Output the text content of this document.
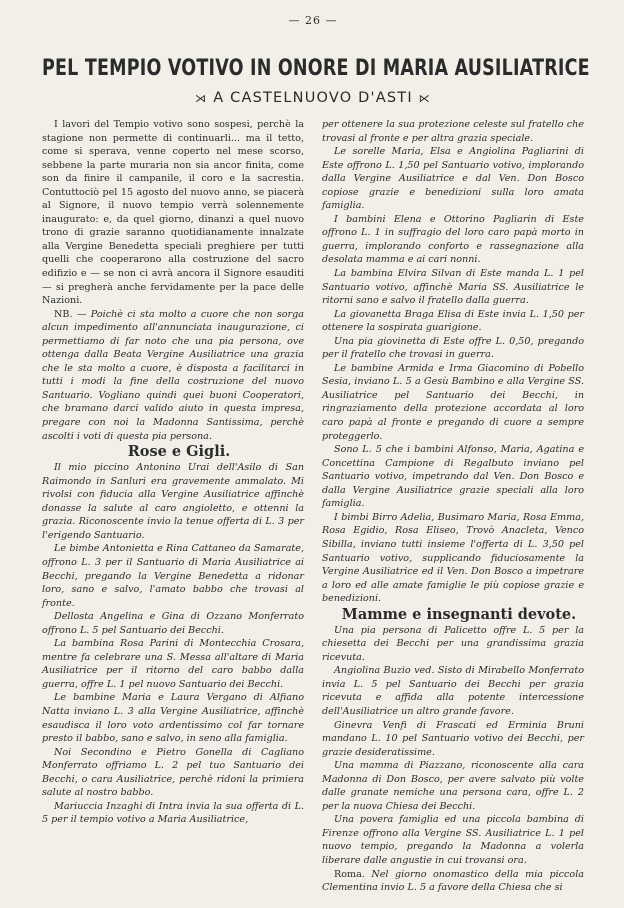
— 26 —
PEL TEMPIO VOTIVO IN ONORE DI MARIA AUSILIATRICE
⋊ A CASTELNUOVO D'ASTI ⋉

I lavori del Tempio votivo sono sospesi, perchè la stagione non permette di continuarli... ma il tetto, come si sperava, venne coperto nel mese scorso, sebbene la parte muraria non sia ancor finita, come son da finire il campanile, il coro e la sacrestia. Contuttociò pel 15 agosto del nuovo anno, se piacerà al Signore, il nuovo tempio verrà solennemente inaugurato: e, da quel giorno, dinanzi a quel nuovo trono di grazie saranno quotidianamente innalzate alla Vergine Benedetta speciali preghiere per tutti quelli che cooperarono alla costruzione del sacro edifizio e — se non ci avrà ancora il Signore esauditi — si pregherà anche fervidamente per la pace delle Nazioni.

NB. — Poichè ci sta molto a cuore che non sorga alcun impedimento all'annunciata inaugurazione, ci permettiamo di far noto che una pia persona, ove ottenga dalla Beata Vergine Ausiliatrice una grazia che le sta molto a cuore, è disposta a facilitarci in tutti i modi la fine della costruzione del nuovo Santuario. Vogliano quindi quei buoni Cooperatori, che bramano darci valido aiuto in questa impresa, pregare con noi la Madonna Santissima, perchè ascolti i voti di questa pia persona.

Rose e Gigli.

Il mio piccino Antonino Urai dell'Asilo di San Raimondo in Sanluri era gravemente ammalato. Mi rivolsi con fiducia alla Vergine Ausiliatrice affinchè donasse la salute al caro angioletto, e ottenni la grazia. Riconoscente invio la tenue offerta di L. 3 per l'erigendo Santuario.

Le bimbe Antonietta e Rina Cattaneo da Samarate, offrono L. 3 per il Santuario di Maria Ausiliatrice ai Becchi, pregando la Vergine Benedetta a ridonar loro, sano e salvo, l'amato babbo che trovasi al fronte.

Dellosta Angelina e Gina di Ozzano Monferrato offrono L. 5 pel Santuario dei Becchi.

La bambina Rosa Parini di Montecchia Crosara, mentre fa celebrare una S. Messa all'altare di Maria Ausiliatrice per il ritorno del caro babbo dalla guerra, offre L. 1 pel nuovo Santuario dei Becchi.

Le bambine Maria e Laura Vergano di Alfiano Natta inviano L. 3 alla Vergine Ausiliatrice, affinchè esaudisca il loro voto ardentissimo col far tornare presto il babbo, sano e salvo, in seno alla famiglia.

Noi Secondino e Pietro Gonella di Cagliano Monferrato offriamo L. 2 pel tuo Santuario dei Becchi, o cara Ausiliatrice, perchè ridoni la primiera salute al nostro babbo.

Mariuccia Inzaghi di Intra invia la sua offerta di L. 5 per il tempio votivo a Maria Ausiliatrice,

per ottenere la sua protezione celeste sul fratello che trovasi al fronte e per altra grazia speciale.

Le sorelle Maria, Elsa e Angiolina Pagliarini di Este offrono L. 1,50 pel Santuario votivo, implorando dalla Vergine Ausiliatrice e dal Ven. Don Bosco copiose grazie e benedizioni sulla loro amata famiglia.

I bambini Elena e Ottorino Pagliarin di Este offrono L. 1 in suffragio del loro caro papà morto in guerra, implorando conforto e rassegnazione alla desolata mamma e ai cari nonni.

La bambina Elvira Silvan di Este manda L. 1 pel Santuario votivo, affinchè Maria SS. Ausiliatrice le ritorni sano e salvo il fratello dalla guerra.

La giovanetta Braga Elisa di Este invia L. 1,50 per ottenere la sospirata guarigione.

Una pia giovinetta di Este offre L. 0,50, pregando per il fratello che trovasi in guerra.

Le bambine Armida e Irma Giacomino di Pobello Sesia, inviano L. 5 a Gesù Bambino e alla Vergine SS. Ausiliatrice pel Santuario dei Becchi, in ringraziamento della protezione accordata al loro caro papà al fronte e pregando di cuore a sempre proteggerlo.

Sono L. 5 che i bambini Alfonso, Maria, Agatina e Concettina Campione di Regalbuto inviano pel Santuario votivo, impetrando dal Ven. Don Bosco e dalla Vergine Ausiliatrice grazie speciali alla loro famiglia.

I bimbi Birro Adelia, Busimaro Maria, Rosa Emma, Rosa Egidio, Rosa Eliseo, Trovò Anacleta, Venco Sibilla, inviano tutti insieme l'offerta di L. 3,50 pel Santuario votivo, supplicando fiduciosamente la Vergine Ausiliatrice ed il Ven. Don Bosco a impetrare a loro ed alle amate famiglie le più copiose grazie e benedizioni.

Mamme e insegnanti devote.

Una pia persona di Palicetto offre L. 5 per la chiesetta dei Becchi per una grandissima grazia ricevuta.

Angiolina Buzio ved. Sisto di Mirabello Monferrato invia L. 5 pel Santuario dei Becchi per grazia ricevuta e affida alla potente intercessione dell'Ausiliatrice un altro grande favore.

Ginevra Venfi di Frascati ed Erminia Bruni mandano L. 10 pel Santuario votivo dei Becchi, per grazie desideratissime.

Una mamma di Piazzano, riconoscente alla cara Madonna di Don Bosco, per avere salvato più volte dalle granate nemiche una persona cara, offre L. 2 per la nuova Chiesa dei Becchi.

Una povera famiglia ed una piccola bambina di Firenze offrono alla Vergine SS. Ausiliatrice L. 1 pel nuovo tempio, pregando la Madonna a volerla liberare dalle angustie in cui trovansi ora.

Roma. Nel giorno onomastico della mia piccola Clementina invio L. 5 a favore della Chiesa che si
